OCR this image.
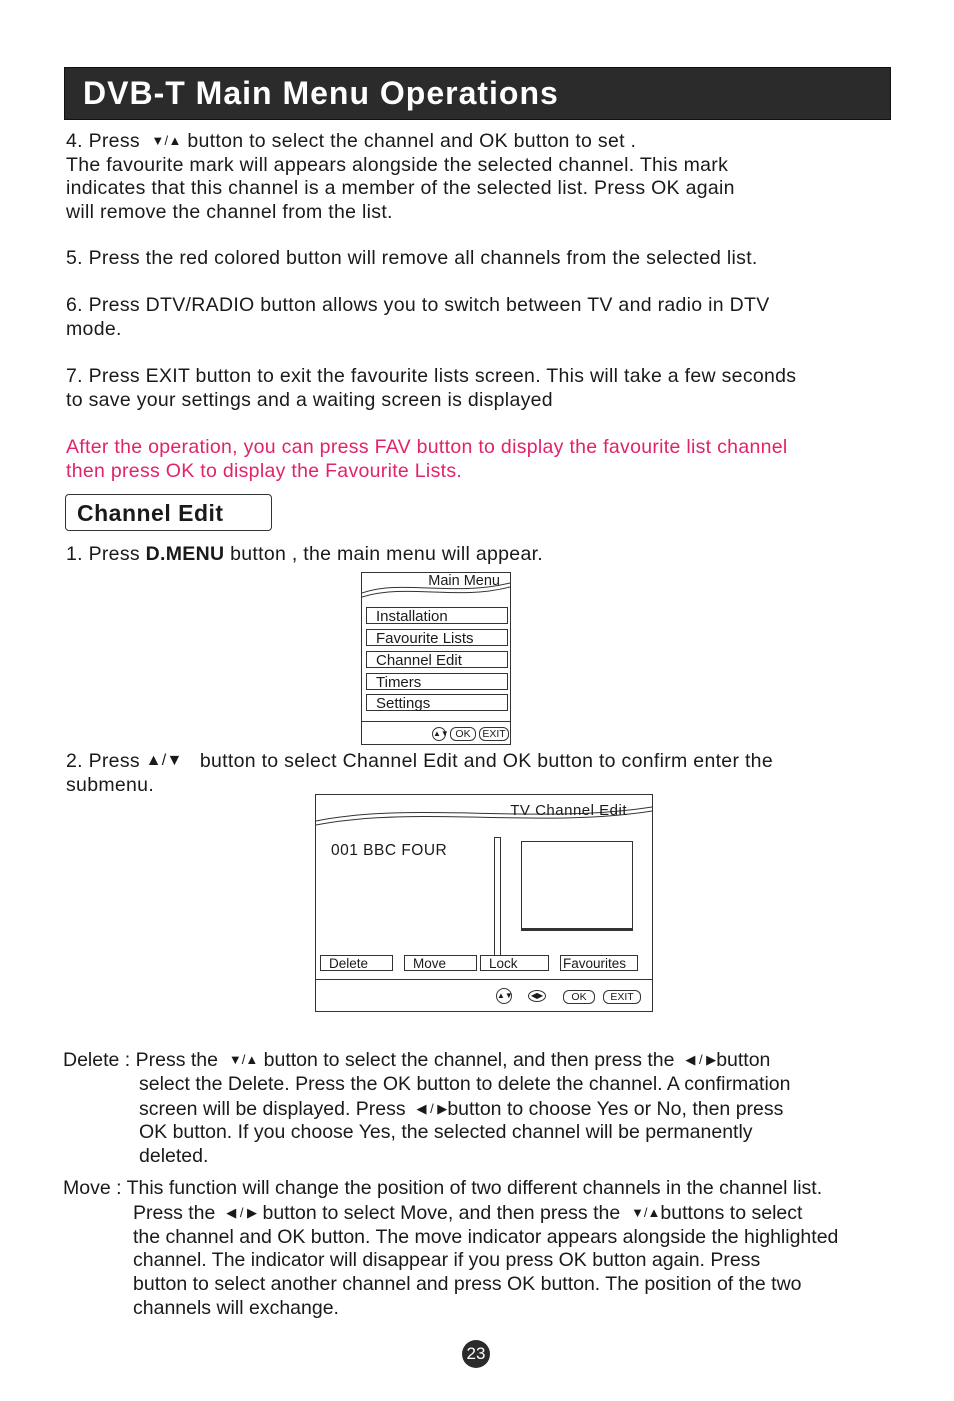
DVB-T Main Menu Operations
4. Press ▼/▲ button to select the channel and OK button to set .
The favourite mark will appears alongside the selected channel. This mark
indicates that this channel is a member of the selected list. Press OK again
will remove the channel from the list.
5. Press the red colored button will remove all channels from the selected list.
6. Press DTV/RADIO button allows you to switch between TV and radio in DTV
mode.
7. Press EXIT button to exit the favourite lists screen. This will take a few seconds
to save your settings and a waiting screen is displayed
After the operation, you can press FAV button to display the favourite list channel
then press OK to display the Favourite Lists.
Channel Edit
1. Press D.MENU button , the main menu will appear.
Main Menu
Installation
Favourite Lists
Channel Edit
Timers
Settings
▲▼ OK	EXIT
2. Press ▲/▼ button to select Channel Edit and OK button to confirm enter the
submenu.
TV Channel Edit
001 BBC FOUR
Delete	Move	Lock	Favourites
▲▼	◀▶	OK	EXIT
Delete : Press the ▼/▲ button to select the channel, and then press the ◀ / ▶button
select the Delete. Press the OK button to delete the channel. A confirmation
screen will be displayed. Press ◀ / ▶button to choose Yes or No, then press
OK button. If you choose Yes, the selected channel will be permanently
deleted.
Move : This function will change the position of two different channels in the channel list.
Press the ◀ / ▶ button to select Move, and then press the ▼/▲buttons to select
the channel and OK button. The move indicator appears alongside the highlighted
channel. The indicator will disappear if you press OK button again. Press
button to select another channel and press OK button. The position of the two
channels will exchange.
23
